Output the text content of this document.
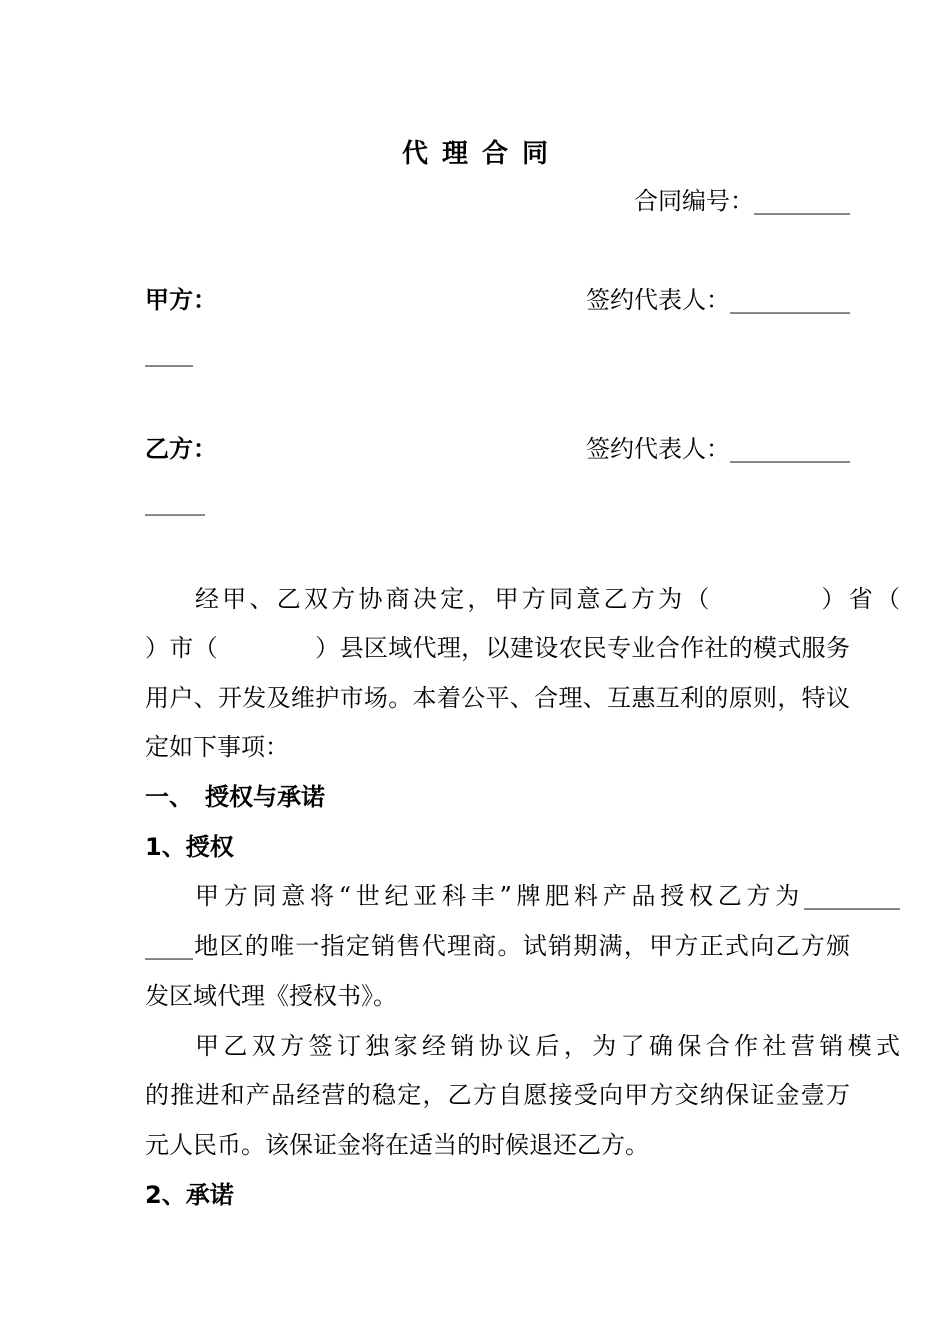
代理合同
合同编号：________
甲方：	签约代表人：__________
____
乙方：	签约代表人：__________
_____
经甲、乙双方协商决定，甲方同意乙方为（　　　　）省（
）市（　　　　）县区域代理，以建设农民专业合作社的模式服务
用户、开发及维护市场。本着公平、合理、互惠互利的原则，特议
定如下事项：
一、　授权与承诺
1、授权
甲方同意将“世纪亚科丰”牌肥料产品授权乙方为________
____地区的唯一指定销售代理商。试销期满，甲方正式向乙方颁
发区域代理《授权书》。
甲乙双方签订独家经销协议后，为了确保合作社营销模式
的推进和产品经营的稳定，乙方自愿接受向甲方交纳保证金壹万
元人民币。该保证金将在适当的时候退还乙方。
2、承诺
